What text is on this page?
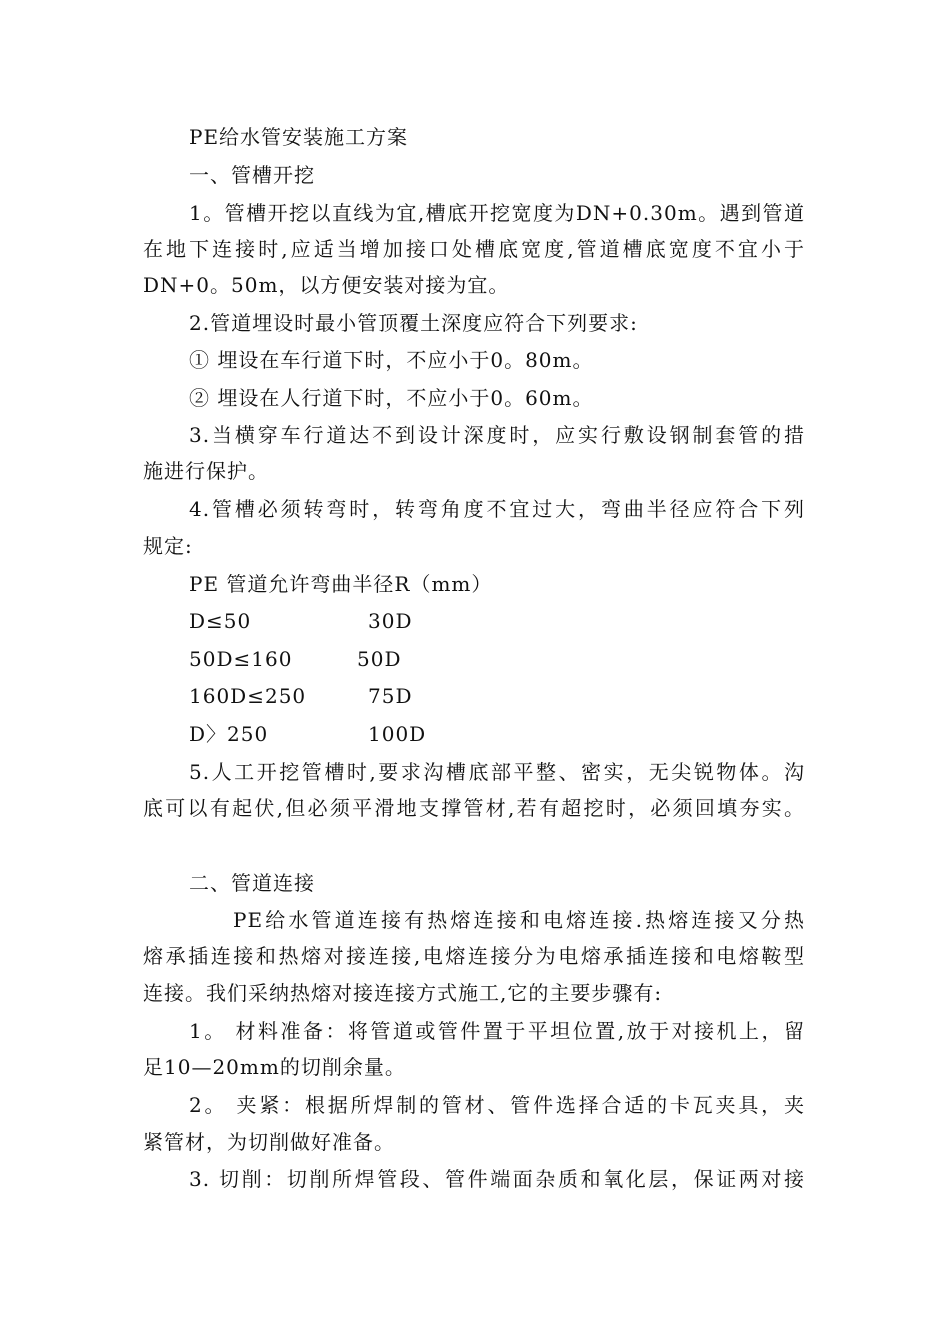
PE给水管安装施工方案
一、管槽开挖
1。管槽开挖以直线为宜,槽底开挖宽度为DN+0.30m。遇到管道
在地下连接时,应适当增加接口处槽底宽度,管道槽底宽度不宜小于
DN+0。50m，以方便安装对接为宜。
2.管道埋设时最小管顶覆土深度应符合下列要求:
① 埋设在车行道下时，不应小于0。80m。
② 埋设在人行道下时，不应小于0。60m。
3.当横穿车行道达不到设计深度时，应实行敷设钢制套管的措
施进行保护。
4.管槽必须转弯时，转弯角度不宜过大，弯曲半径应符合下列
规定:
PE 管道允许弯曲半径R（mm）
D≤50	30D
50D≤160	50D
160D≤250	75D
D〉250	100D
5.人工开挖管槽时,要求沟槽底部平整、密实，无尖锐物体。沟
底可以有起伏,但必须平滑地支撑管材,若有超挖时，必须回填夯实。
二、管道连接
PE给水管道连接有热熔连接和电熔连接.热熔连接又分热
熔承插连接和热熔对接连接,电熔连接分为电熔承插连接和电熔鞍型
连接。我们采纳热熔对接连接方式施工,它的主要步骤有:
1。 材料准备：将管道或管件置于平坦位置,放于对接机上，留
足10—20mm的切削余量。
2。 夹紧：根据所焊制的管材、管件选择合适的卡瓦夹具，夹
紧管材，为切削做好准备。
3. 切削：切削所焊管段、管件端面杂质和氧化层，保证两对接
